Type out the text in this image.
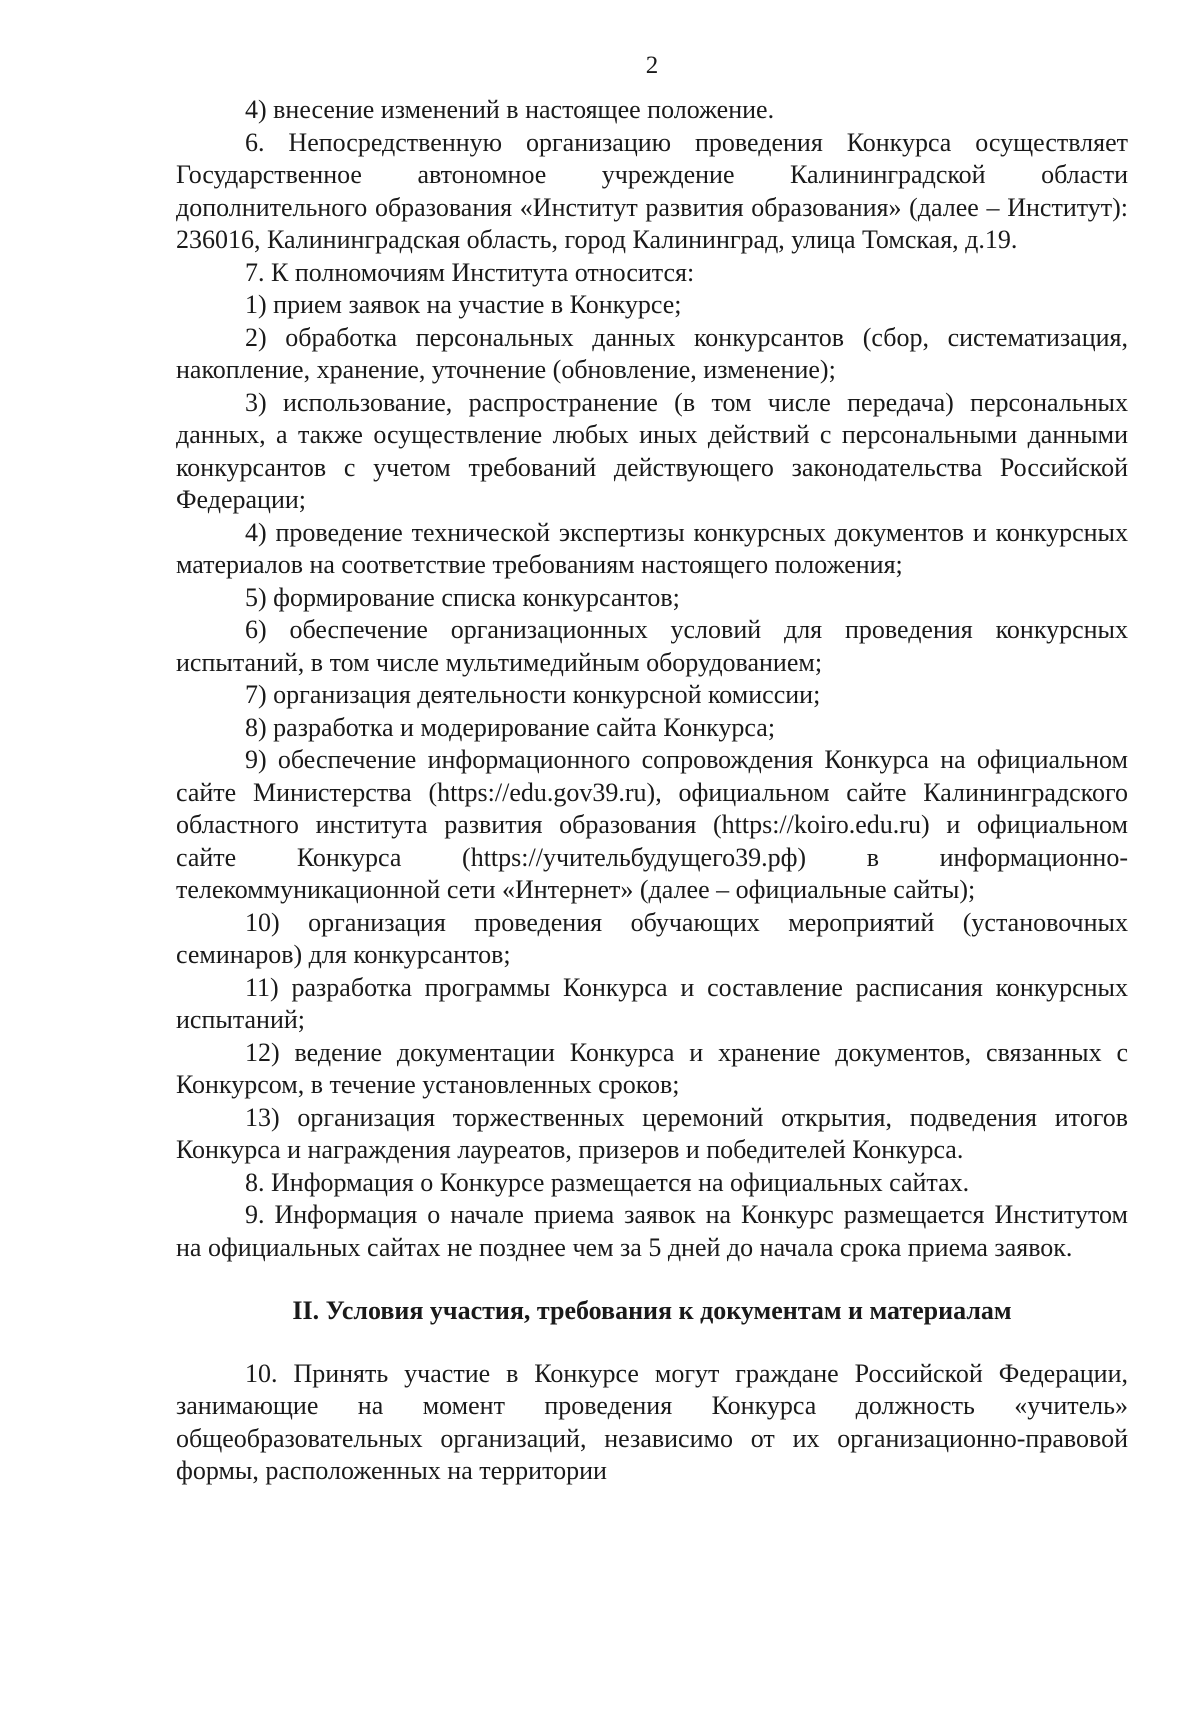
2

4) внесение изменений в настоящее положение.

6. Непосредственную организацию проведения Конкурса осуществляет Государственное автономное учреждение Калининградской области дополнительного образования «Институт развития образования» (далее – Институт): 236016, Калининградская область, город Калининград, улица Томская, д.19.

7. К полномочиям Института относится:

1) прием заявок на участие в Конкурсе;

2) обработка персональных данных конкурсантов (сбор, систематизация, накопление, хранение, уточнение (обновление, изменение);

3) использование, распространение (в том числе передача) персональных данных, а также осуществление любых иных действий с персональными данными конкурсантов с учетом требований действующего законодательства Российской Федерации;

4) проведение технической экспертизы конкурсных документов и конкурсных материалов на соответствие требованиям настоящего положения;

5) формирование списка конкурсантов;

6) обеспечение организационных условий для проведения конкурсных испытаний, в том числе мультимедийным оборудованием;

7) организация деятельности конкурсной комиссии;

8) разработка и модерирование сайта Конкурса;

9) обеспечение информационного сопровождения Конкурса на официальном сайте Министерства (https://edu.gov39.ru), официальном сайте Калининградского областного института развития образования (https://koiro.edu.ru) и официальном сайте Конкурса (https://учительбудущего39.рф) в информационно-телекоммуникационной сети «Интернет» (далее – официальные сайты);

10) организация проведения обучающих мероприятий (установочных семинаров) для конкурсантов;

11) разработка программы Конкурса и составление расписания конкурсных испытаний;

12) ведение документации Конкурса и хранение документов, связанных с Конкурсом, в течение установленных сроков;

13) организация торжественных церемоний открытия, подведения итогов Конкурса и награждения лауреатов, призеров и победителей Конкурса.

8. Информация о Конкурсе размещается на официальных сайтах.

9. Информация о начале приема заявок на Конкурс размещается Институтом на официальных сайтах не позднее чем за 5 дней до начала срока приема заявок.

II. Условия участия, требования к документам и материалам

10. Принять участие в Конкурсе могут граждане Российской Федерации, занимающие на момент проведения Конкурса должность «учитель» общеобразовательных организаций, независимо от их организационно-правовой формы, расположенных на территории
